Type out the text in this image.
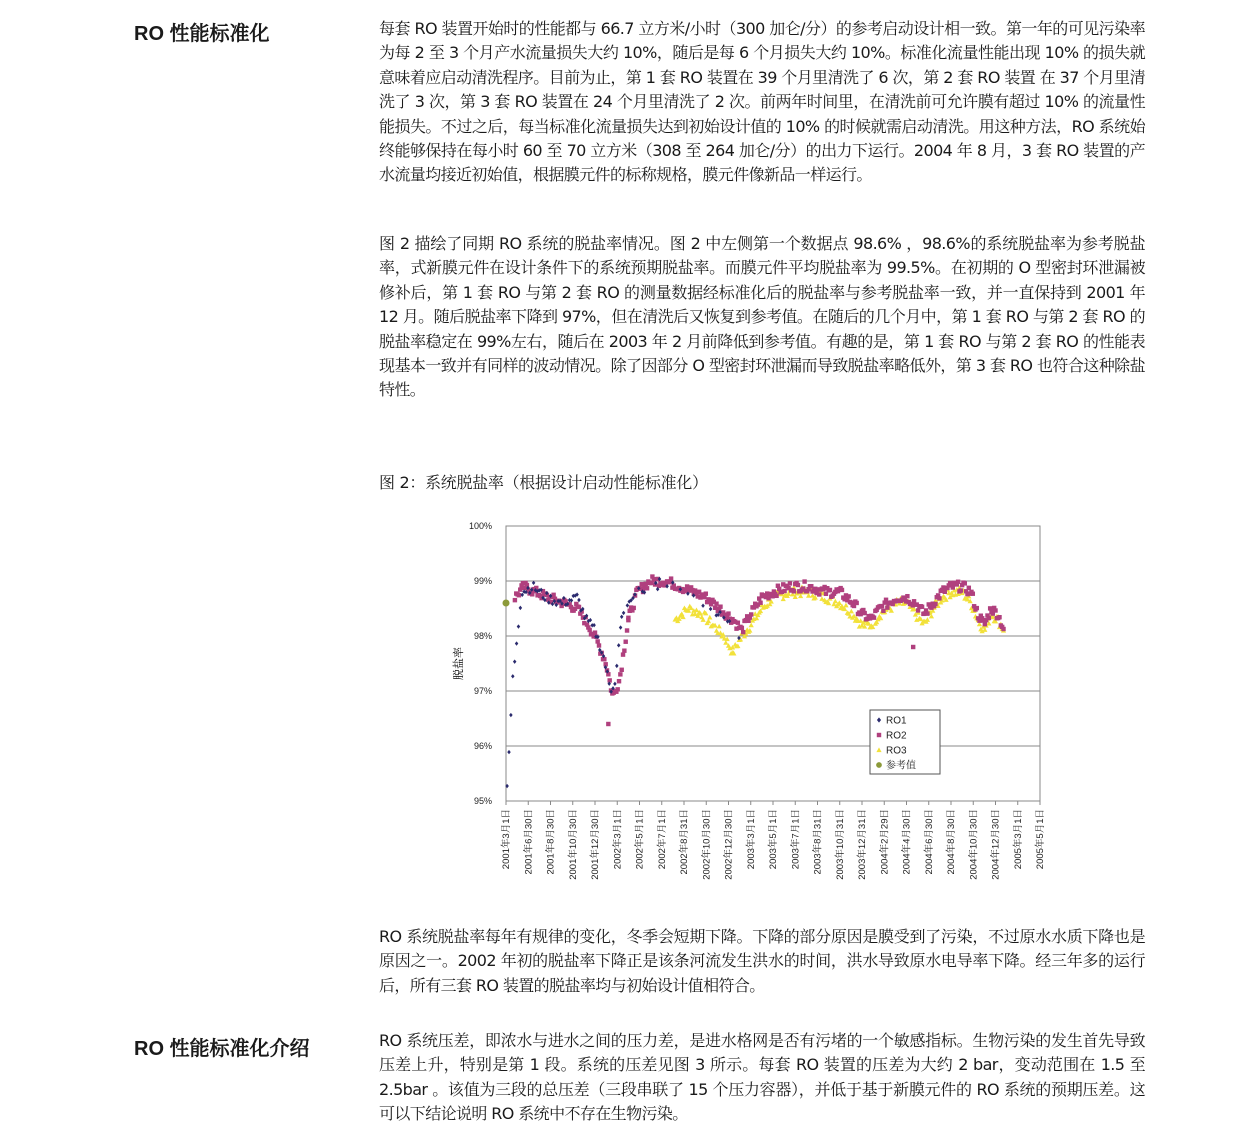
RO 性能标准化	每套 RO 装置开始时的性能都与 66.7 立方米/小时（300 加仑/分）的参考启动设计相一致。第一年的可见污染率为每 2 至 3 个月产水流量损失大约 10%，随后是每 6 个月损失大约 10%。标准化流量性能出现 10% 的损失就意味着应启动清洗程序。目前为止，第 1 套 RO 装置在 39 个月里清洗了 6 次，第 2 套 RO 装置 在 37 个月里清洗了 3 次，第 3 套 RO 装置在 24 个月里清洗了 2 次。前两年时间里，在清洗前可允许膜有超过 10% 的流量性能损失。不过之后，每当标准化流量损失达到初始设计值的 10% 的时候就需启动清洗。用这种方法，RO 系统始终能够保持在每小时 60 至 70 立方米（308 至 264 加仑/分）的出力下运行。2004 年 8 月，3 套 RO 装置的产水流量均接近初始值，根据膜元件的标称规格，膜元件像新品一样运行。

图 2 描绘了同期 RO 系统的脱盐率情况。图 2 中左侧第一个数据点 98.6% ，98.6%的系统脱盐率为参考脱盐率，式新膜元件在设计条件下的系统预期脱盐率。而膜元件平均脱盐率为 99.5%。在初期的 O 型密封环泄漏被修补后，第 1 套 RO 与第 2 套 RO 的测量数据经标准化后的脱盐率与参考脱盐率一致，并一直保持到 2001 年 12 月。随后脱盐率下降到 97%，但在清洗后又恢复到参考值。在随后的几个月中，第 1 套 RO 与第 2 套 RO 的脱盐率稳定在 99%左右，随后在 2003 年 2 月前降低到参考值。有趣的是，第 1 套 RO 与第 2 套 RO 的性能表现基本一致并有同样的波动情况。除了因部分 O 型密封环泄漏而导致脱盐率略低外，第 3 套 RO 也符合这种除盐特性。

图 2：系统脱盐率（根据设计启动性能标准化）

95%
96%
97%
98%
99%
100%
2001年3月1日 2001年6月30日 2001年8月30日 2001年10月30日 2001年12月30日 2002年3月1日 2002年5月1日 2002年7月1日 2002年8月31日 2002年10月30日 2002年12月30日 2003年3月1日 2003年5月1日 2003年7月1日 2003年8月31日 2003年10月31日 2003年12月31日 2004年2月29日 2004年4月30日 2004年6月30日 2004年8月30日 2004年10月30日 2004年12月30日 2005年3月1日 2005年5月1日
脱盐率
RO1
RO2
RO3
参考值

RO 系统脱盐率每年有规律的变化，冬季会短期下降。下降的部分原因是膜受到了污染，不过原水水质下降也是原因之一。2002 年初的脱盐率下降正是该条河流发生洪水的时间，洪水导致原水电导率下降。经三年多的运行后，所有三套 RO 装置的脱盐率均与初始设计值相符合。

RO 性能标准化介绍	RO 系统压差，即浓水与进水之间的压力差，是进水格网是否有污堵的一个敏感指标。生物污染的发生首先导致压差上升，特别是第 1 段。系统的压差见图 3 所示。每套 RO 装置的压差为大约 2 bar，变动范围在 1.5 至 2.5bar 。该值为三段的总压差（三段串联了 15 个压力容器），并低于基于新膜元件的 RO 系统的预期压差。这可以下结论说明 RO 系统中不存在生物污染。
